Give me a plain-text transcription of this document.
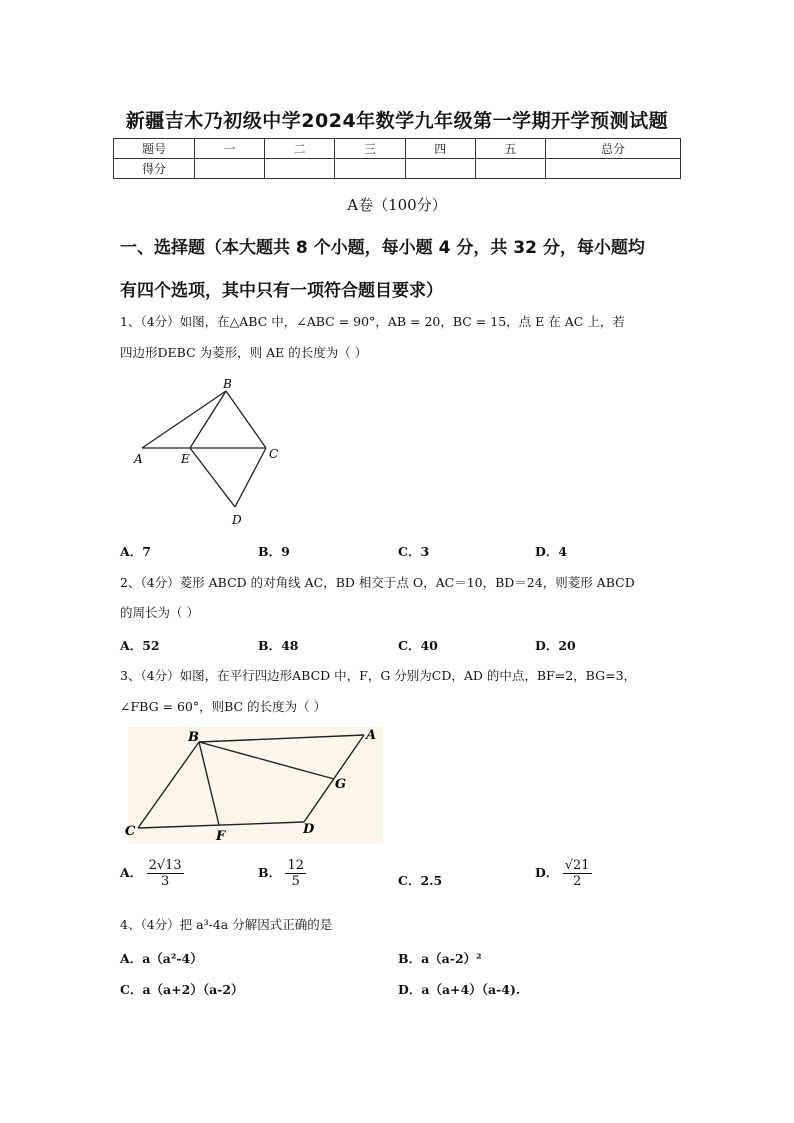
新疆吉木乃初级中学2024年数学九年级第一学期开学预测试题
题号	一	二	三	四	五	总分
得分						
A卷（100分）
一、选择题（本大题共 8 个小题，每小题 4 分，共 32 分，每小题均
有四个选项，其中只有一项符合题目要求）
1、（4分）如图，在△ABC 中，∠ABC = 90°，AB = 20，BC = 15，点 E 在 AC 上，若
四边形DEBC 为菱形，则 AE 的长度为（ ）
B
A	E	C
D
A．7	B．9	C．3	D．4
2、（4分）菱形 ABCD 的对角线 AC，BD 相交于点 O，AC＝10，BD＝24，则菱形 ABCD
的周长为（ ）
A．52	B．48	C．40	D．20
3、（4分）如图，在平行四边形ABCD 中，F，G 分别为CD，AD 的中点，BF=2，BG=3，
∠FBG = 60°，则BC 的长度为（ ）
B	A
G
C	F	D
A． $\frac{2√13}{3}$	B． $\frac{12}{5}$	C．2.5
D． $\frac{√21}{2}$
4、（4分）把 a³-4a 分解因式正确的是
A．a（a²-4）	B．a（a-2）²
C．a（a+2）（a-2）	D．a（a+4）（a-4).
